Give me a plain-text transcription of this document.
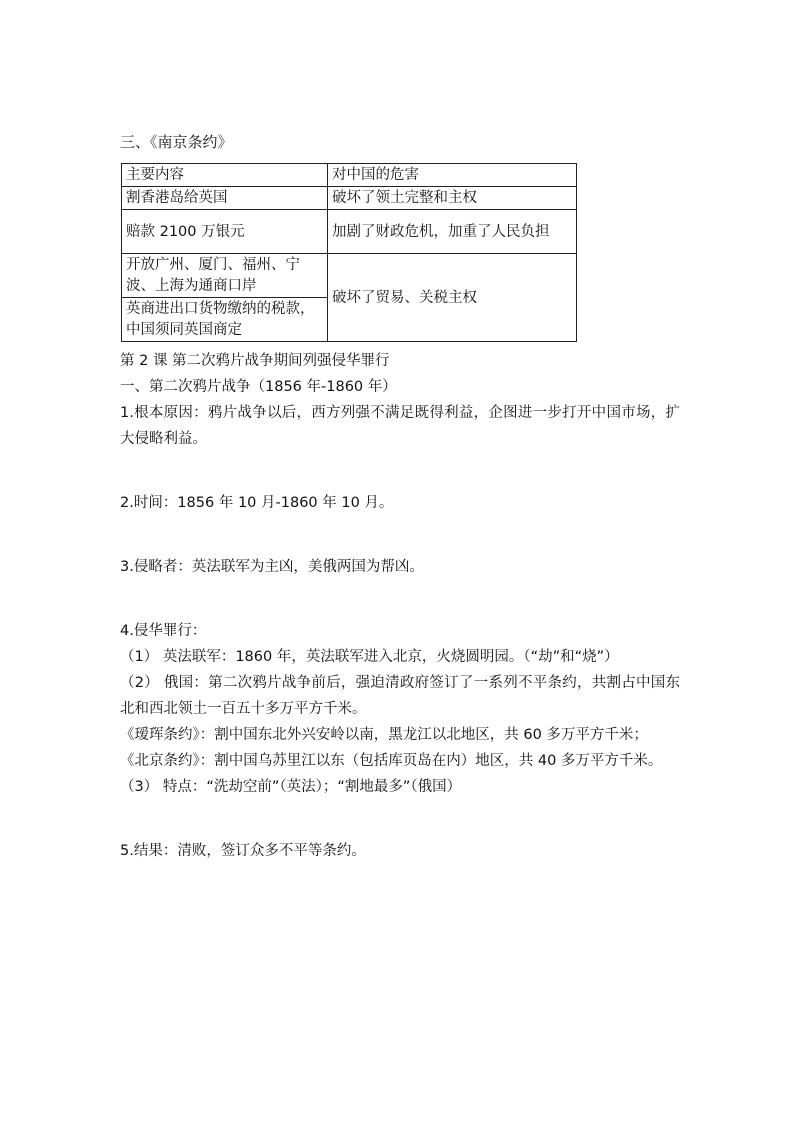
三、《南京条约》
主要内容	对中国的危害
割香港岛给英国	破坏了领土完整和主权
赔款 2100 万银元	加剧了财政危机，加重了人民负担
开放广州、厦门、福州、宁波、上海为通商口岸	破坏了贸易、关税主权
英商进出口货物缴纳的税款，中国须同英国商定	

第 2 课 第二次鸦片战争期间列强侵华罪行

一、第二次鸦片战争（1856 年-1860 年）

1.根本原因：鸦片战争以后，西方列强不满足既得利益，企图进一步打开中国市场，扩大侵略利益。

2.时间：1856 年 10 月-1860 年 10 月。

3.侵略者：英法联军为主凶，美俄两国为帮凶。

4.侵华罪行：

（1） 英法联军：1860 年，英法联军进入北京，火烧圆明园。（“劫”和“烧”）

（2） 俄国：第二次鸦片战争前后，强迫清政府签订了一系列不平条约，共割占中国东北和西北领土一百五十多万平方千米。

《瑷珲条约》：割中国东北外兴安岭以南，黑龙江以北地区，共 60 多万平方千米；

《北京条约》：割中国乌苏里江以东（包括库页岛在内）地区，共 40 多万平方千米。

（3） 特点：“洗劫空前”（英法）；“割地最多”（俄国）

5.结果：清败，签订众多不平等条约。
